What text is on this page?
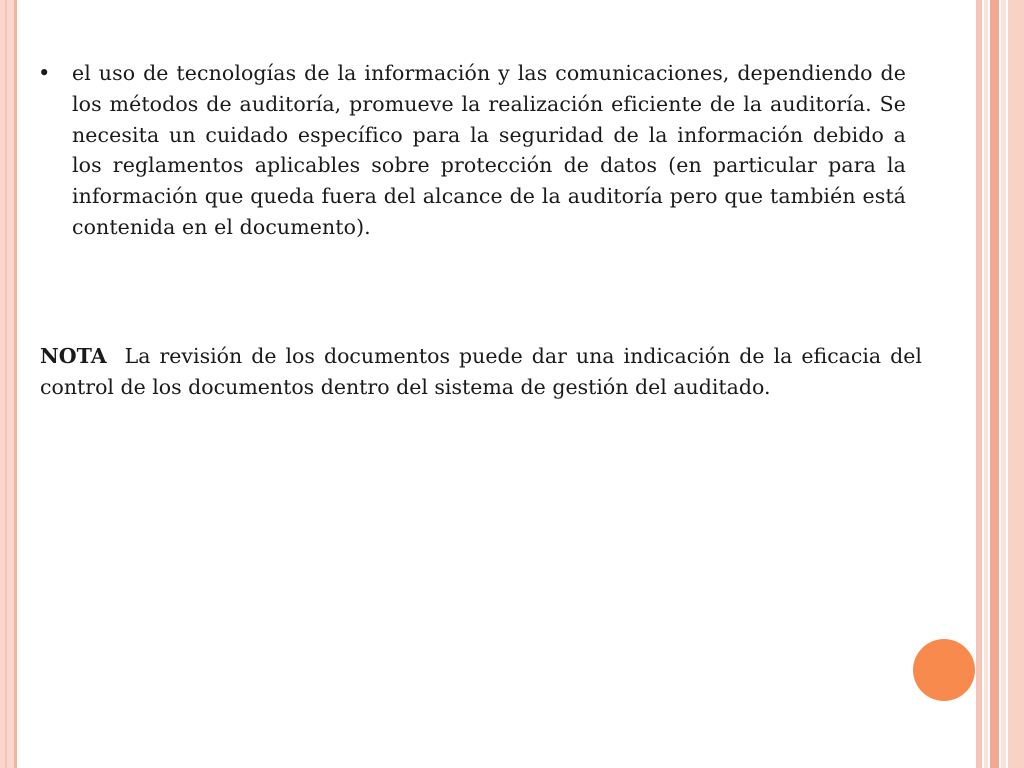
•	el uso de tecnologías de la información y las comunicaciones, dependiendo de los métodos de auditoría, promueve la realización eficiente de la auditoría. Se necesita un cuidado específico para la seguridad de la información debido a los reglamentos aplicables sobre protección de datos (en particular para la información que queda fuera del alcance de la auditoría pero que también está contenida en el documento).

NOTA La revisión de los documentos puede dar una indicación de la eficacia del control de los documentos dentro del sistema de gestión del auditado.
